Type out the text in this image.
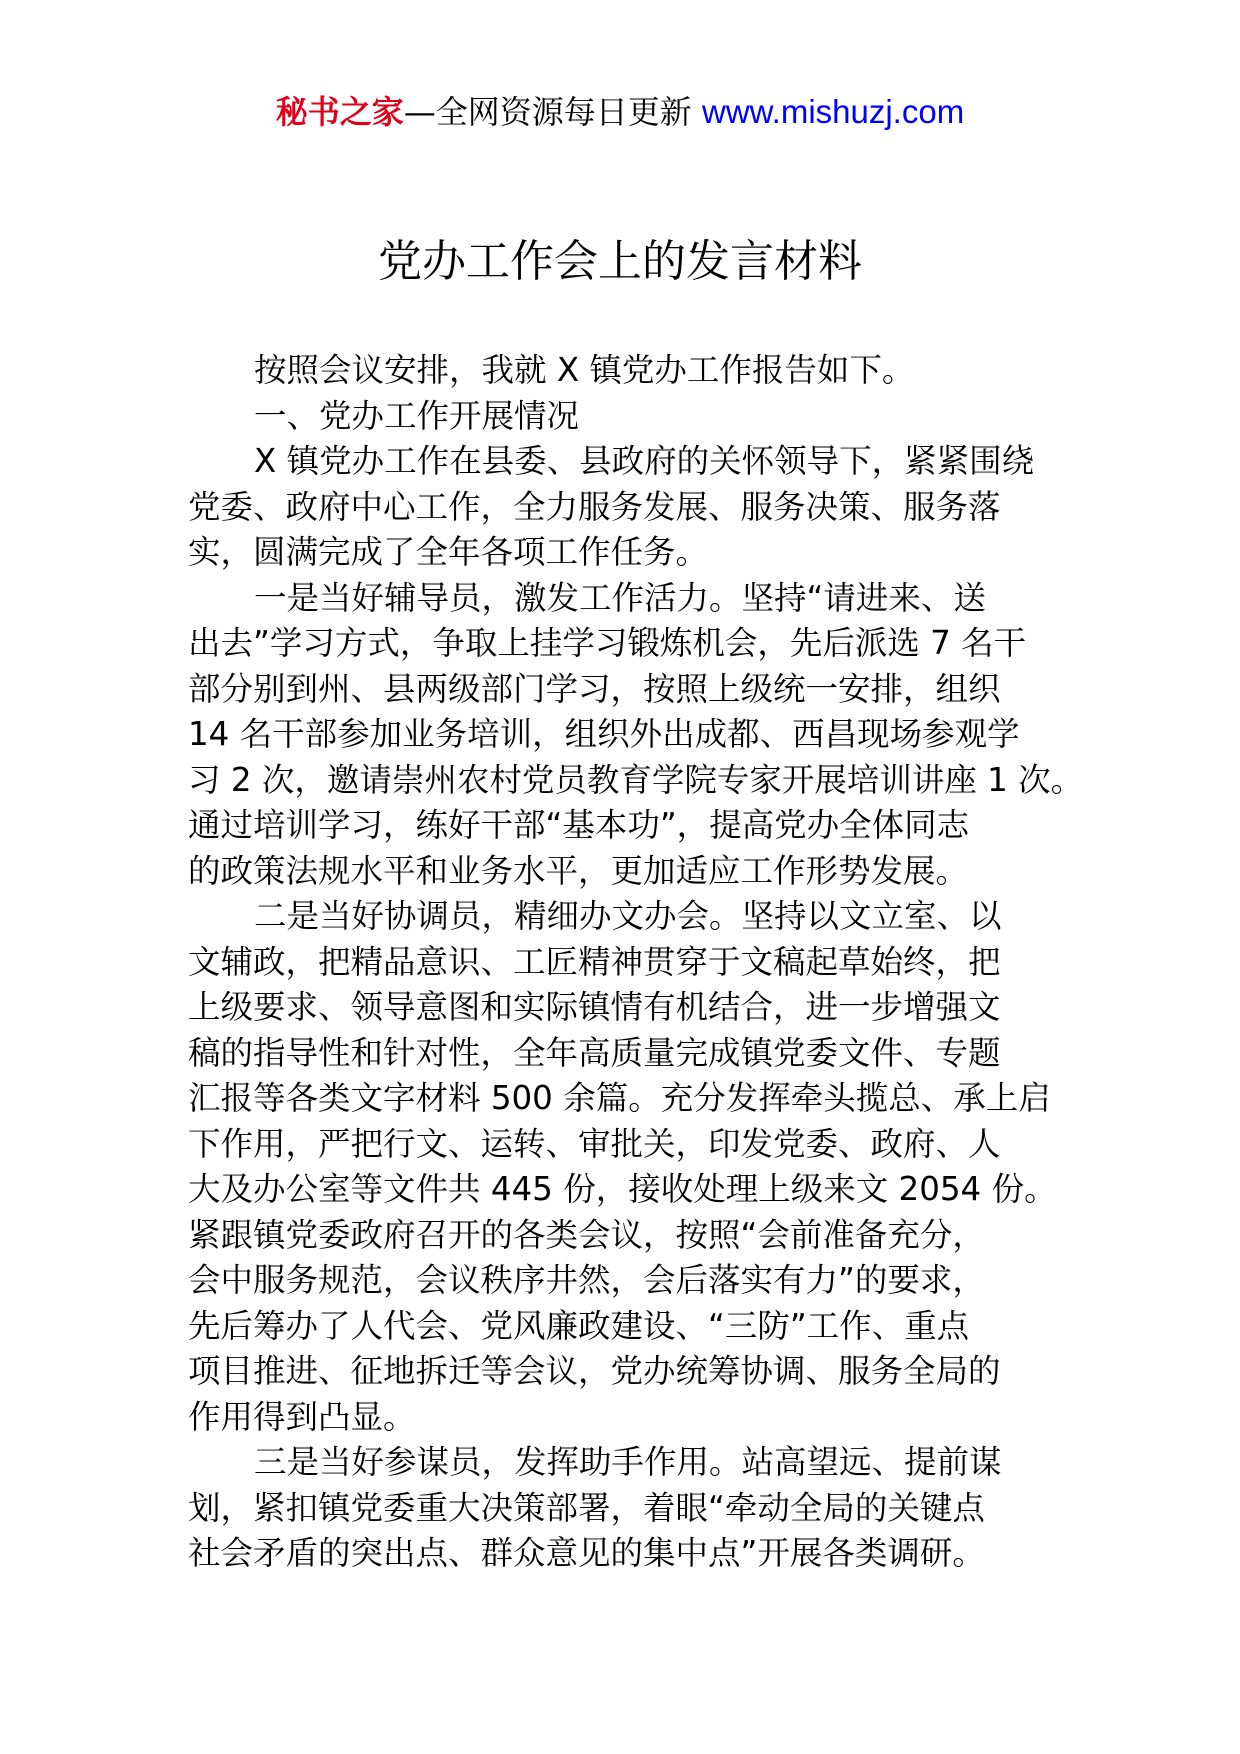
秘书之家—全网资源每日更新 www.mishuzj.com
党办工作会上的发言材料
按照会议安排，我就 X 镇党办工作报告如下。
一、党办工作开展情况
X 镇党办工作在县委、县政府的关怀领导下，紧紧围绕
党委、政府中心工作，全力服务发展、服务决策、服务落
实，圆满完成了全年各项工作任务。
一是当好辅导员，激发工作活力。坚持“请进来、送
出去”学习方式，争取上挂学习锻炼机会，先后派选 7 名干
部分别到州、县两级部门学习，按照上级统一安排，组织
14 名干部参加业务培训，组织外出成都、西昌现场参观学
习 2 次，邀请崇州农村党员教育学院专家开展培训讲座 1 次。
通过培训学习，练好干部“基本功”，提高党办全体同志
的政策法规水平和业务水平，更加适应工作形势发展。
二是当好协调员，精细办文办会。坚持以文立室、以
文辅政，把精品意识、工匠精神贯穿于文稿起草始终，把
上级要求、领导意图和实际镇情有机结合，进一步增强文
稿的指导性和针对性，全年高质量完成镇党委文件、专题
汇报等各类文字材料 500 余篇。充分发挥牵头揽总、承上启
下作用，严把行文、运转、审批关，印发党委、政府、人
大及办公室等文件共 445 份，接收处理上级来文 2054 份。
紧跟镇党委政府召开的各类会议，按照“会前准备充分，
会中服务规范，会议秩序井然，会后落实有力”的要求，
先后筹办了人代会、党风廉政建设、“三防”工作、重点
项目推进、征地拆迁等会议，党办统筹协调、服务全局的
作用得到凸显。
三是当好参谋员，发挥助手作用。站高望远、提前谋
划，紧扣镇党委重大决策部署，着眼“牵动全局的关键点
社会矛盾的突出点、群众意见的集中点”开展各类调研。
